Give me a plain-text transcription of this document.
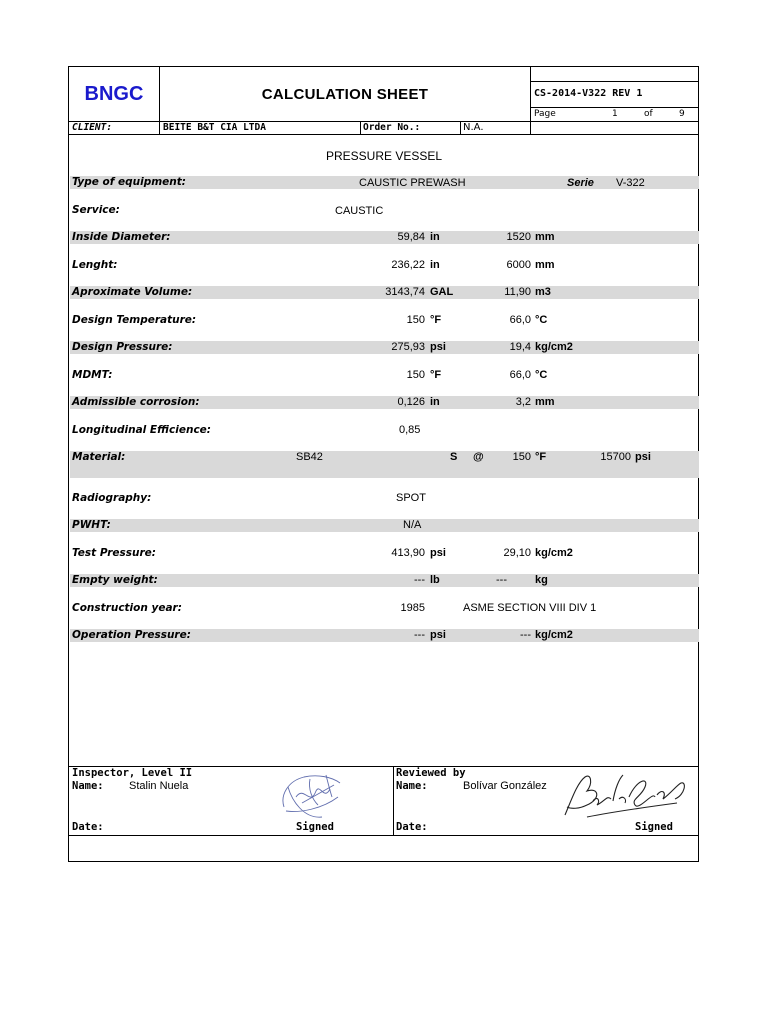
BNGC	CALCULATION SHEET	CS-2014-V322 REV 1
Page	1	of	9
CLIENT:	BEITE B&T CIA LTDA	Order No.:	N.A.
PRESSURE VESSEL
Type of equipment:	CAUSTIC PREWASH	Serie V-322
Service:	CAUSTIC
Inside Diameter:	59,84 in	1520 mm
Lenght:	236,22 in	6000 mm
Aproximate Volume:	3143,74 GAL	11,90 m3
Design Temperature:	150 °F	66,0 °C
Design Pressure:	275,93 psi	19,4 kg/cm2
MDMT:	150 °F	66,0 °C
Admissible corrosion:	0,126 in	3,2 mm
Longitudinal Efficience:	0,85
Material:	SB42	S @	150 °F	15700 psi
Radiography:	SPOT
PWHT:	N/A
Test Pressure:	413,90 psi	29,10 kg/cm2
Empty weight:	--- lb	---	kg
Construction year:	1985	ASME SECTION VIII DIV 1
Operation Pressure:	--- psi	--- kg/cm2
Inspector, Level II
Name: Stalin Nuela
Date:	Signed
Reviewed by
Name:	Bolívar González
Date:	Signed
